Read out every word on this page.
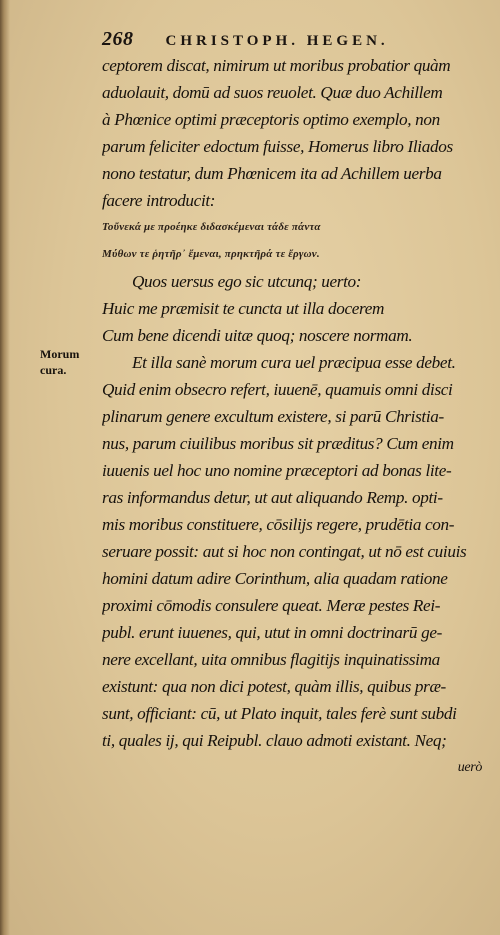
268 CHRISTOPH. HEGEN.
Morum
cura.
ceptorem discat, nimirum ut moribus probatior quàm
aduolauit, domū ad suos reuolet. Quæ duo Achillem
à Phœnice optimi præceptoris optimo exemplo, non
parum feliciter edoctum fuisse, Homerus libro Iliados
nono testatur, dum Phœnicem ita ad Achillem uerba
facere introducit:
Τοὔνεκά με προέηκε διδασκέμεναι τάδε πάντα
Μύθων τε ῥητῆρ᾽ ἔμεναι, πρηκτῆρά τε ἔργων.
Quos uersus ego sic utcunq; uerto:
Huic me præmisit te cuncta ut illa docerem
Cum bene dicendi uitæ quoq; noscere normam.
Et illa sanè morum cura uel præcipua esse debet.
Quid enim obsecro refert, iuuenē, quamuis omni disci
plinarum genere excultum existere, si parū Christia-
nus, parum ciuilibus moribus sit præditus? Cum enim
iuuenis uel hoc uno nomine præceptori ad bonas lite-
ras informandus detur, ut aut aliquando Remp. opti-
mis moribus constituere, cōsilijs regere, prudētia con-
seruare possit: aut si hoc non contingat, ut nō est cuiuis
homini datum adire Corinthum, alia quadam ratione
proximi cōmodis consulere queat. Meræ pestes Rei-
publ. erunt iuuenes, qui, utut in omni doctrinarū ge-
nere excellant, uita omnibus flagitijs inquinatissima
existunt: qua non dici potest, quàm illis, quibus præ-
sunt, officiant: cū, ut Plato inquit, tales ferè sunt subdi
ti, quales ij, qui Reipubl. clauo admoti existant. Neq;
uerò
